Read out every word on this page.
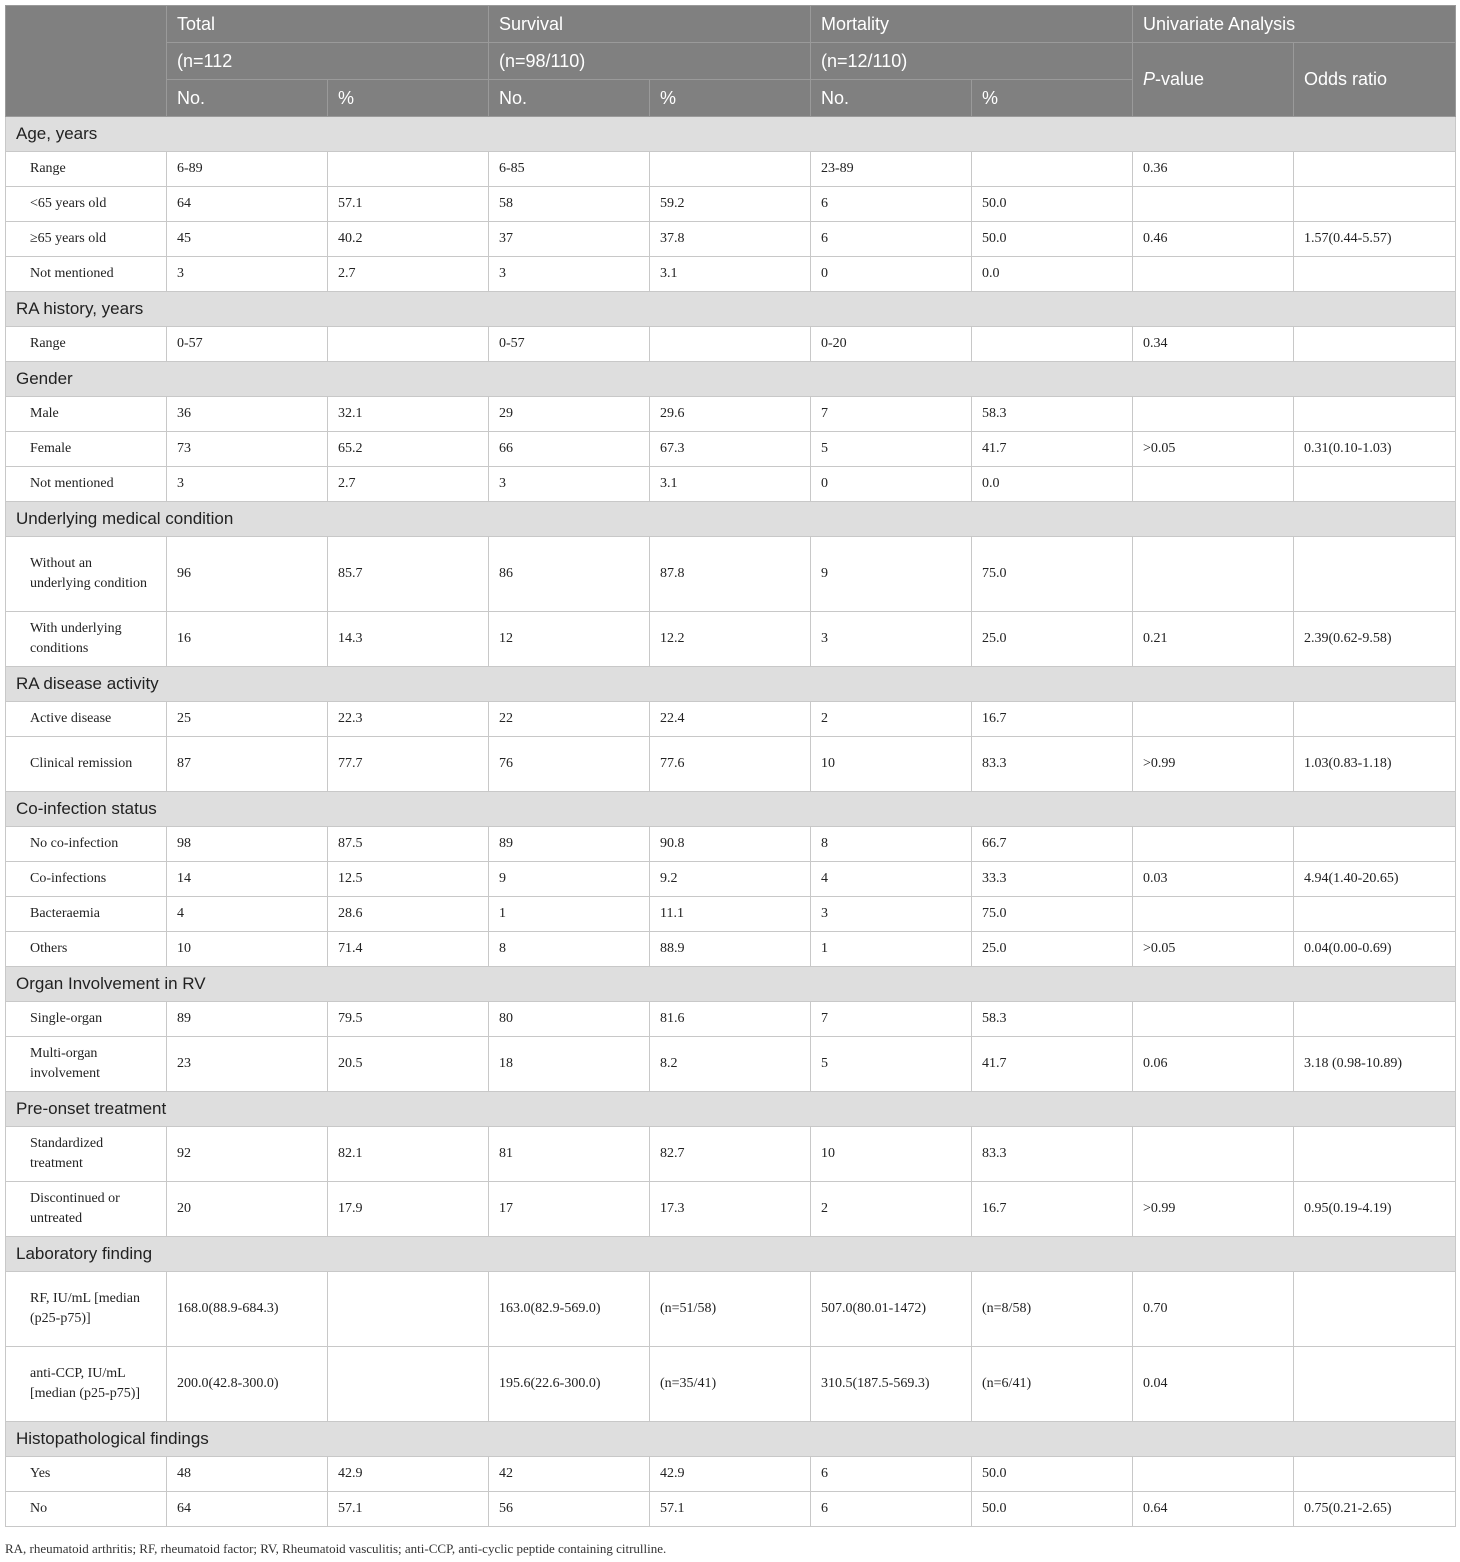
	Total		Survival		Mortality		Univariate Analysis	
	(n=112		(n=98/110)		(n=12/110)		P-value	Odds ratio
	No.	%	No.	%	No.	%		
Age, years								
Range	6-89		6-85		23-89		0.36	
<65 years old	64	57.1	58	59.2	6	50.0		
≥65 years old	45	40.2	37	37.8	6	50.0	0.46	1.57(0.44-5.57)
Not mentioned	3	2.7	3	3.1	0	0.0		
RA history, years								
Range	0-57		0-57		0-20		0.34	
Gender								
Male	36	32.1	29	29.6	7	58.3		
Female	73	65.2	66	67.3	5	41.7	>0.05	0.31(0.10-1.03)
Not mentioned	3	2.7	3	3.1	0	0.0		
Underlying medical condition								
Without an underlying condition	96	85.7	86	87.8	9	75.0		
With underlying conditions	16	14.3	12	12.2	3	25.0	0.21	2.39(0.62-9.58)
RA disease activity								
Active disease	25	22.3	22	22.4	2	16.7		
Clinical remission	87	77.7	76	77.6	10	83.3	>0.99	1.03(0.83-1.18)
Co-infection status								
No co-infection	98	87.5	89	90.8	8	66.7		
Co-infections	14	12.5	9	9.2	4	33.3	0.03	4.94(1.40-20.65)
Bacteraemia	4	28.6	1	11.1	3	75.0		
Others	10	71.4	8	88.9	1	25.0	>0.05	0.04(0.00-0.69)
Organ Involvement in RV								
Single-organ	89	79.5	80	81.6	7	58.3		
Multi-organ involvement	23	20.5	18	8.2	5	41.7	0.06	3.18 (0.98-10.89)
Pre-onset treatment								
Standardized treatment	92	82.1	81	82.7	10	83.3		
Discontinued or untreated	20	17.9	17	17.3	2	16.7	>0.99	0.95(0.19-4.19)
Laboratory finding								
RF, IU/mL [median (p25-p75)]	168.0(88.9-684.3)		163.0(82.9-569.0)	(n=51/58)	507.0(80.01-1472)	(n=8/58)	0.70	
anti-CCP, IU/mL [median (p25-p75)]	200.0(42.8-300.0)		195.6(22.6-300.0)	(n=35/41)	310.5(187.5-569.3)	(n=6/41)	0.04	
Histopathological findings								
Yes	48	42.9	42	42.9	6	50.0		
No	64	57.1	56	57.1	6	50.0	0.64	0.75(0.21-2.65)
RA, rheumatoid arthritis; RF, rheumatoid factor; RV, Rheumatoid vasculitis; anti-CCP, anti-cyclic peptide containing citrulline.
